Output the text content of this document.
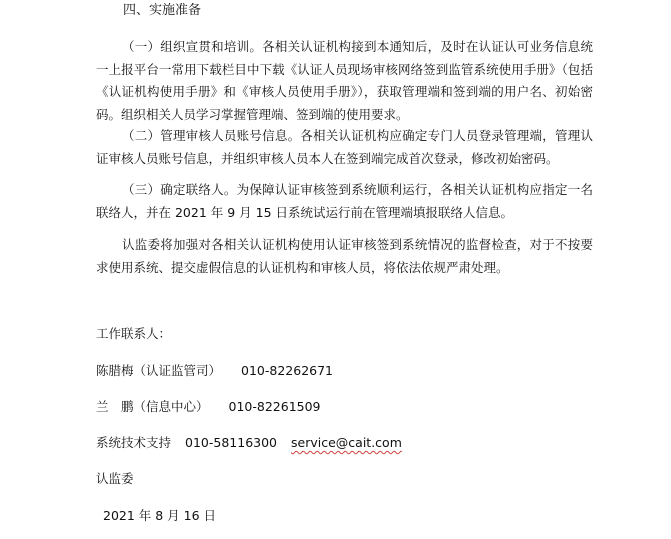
四、实施准备

（一）组织宣贯和培训。各相关认证机构接到本通知后，及时在认证认可业务信息统一上报平台一常用下载栏目中下载《认证人员现场审核网络签到监管系统使用手册》（包括《认证机构使用手册》和《审核人员使用手册》），获取管理端和签到端的用户名、初始密码。组织相关人员学习掌握管理端、签到端的使用要求。

（二）管理审核人员账号信息。各相关认证机构应确定专门人员登录管理端，管理认证审核人员账号信息，并组织审核人员本人在签到端完成首次登录，修改初始密码。

（三）确定联络人。为保障认证审核签到系统顺利运行，各相关认证机构应指定一名联络人，并在 2021 年 9 月 15 日系统试运行前在管理端填报联络人信息。

认监委将加强对各相关认证机构使用认证审核签到系统情况的监督检查，对于不按要求使用系统、提交虚假信息的认证机构和审核人员，将依法依规严肃处理。

工作联系人：
陈腊梅（认证监管司） 010-82262671
兰　鹏（信息中心） 010-82261509
系统技术支持 010-58116300 service@cait.com
认监委
2021 年 8 月 16 日
